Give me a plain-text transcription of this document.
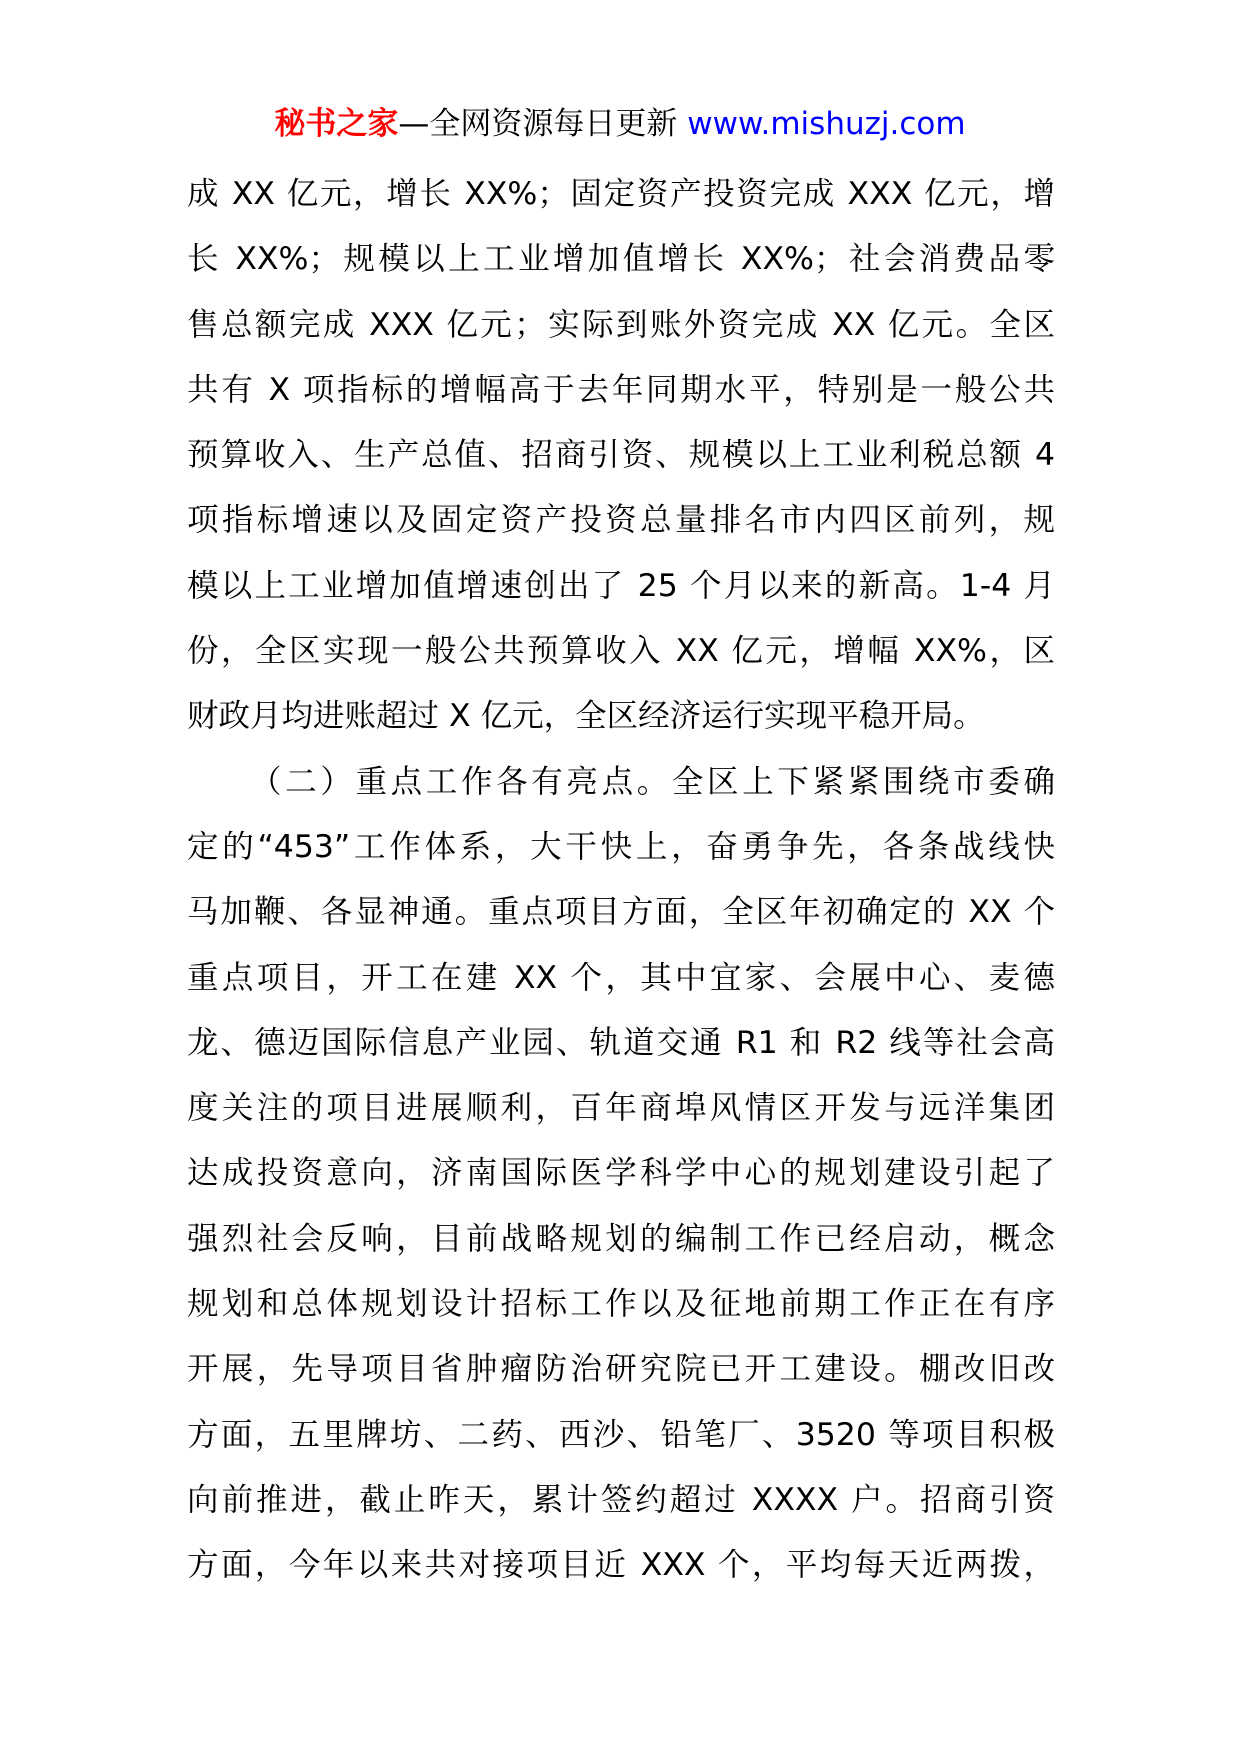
秘书之家—全网资源每日更新 www.mishuzj.com
成 XX 亿元，增长 XX%；固定资产投资完成 XXX 亿元，增
长 XX%；规模以上工业增加值增长 XX%；社会消费品零
售总额完成 XXX 亿元；实际到账外资完成 XX 亿元。全区
共有 X 项指标的增幅高于去年同期水平，特别是一般公共
预算收入、生产总值、招商引资、规模以上工业利税总额 4
项指标增速以及固定资产投资总量排名市内四区前列，规
模以上工业增加值增速创出了 25 个月以来的新高。1-4 月
份，全区实现一般公共预算收入 XX 亿元，增幅 XX%，区
财政月均进账超过 X 亿元，全区经济运行实现平稳开局。
（二）重点工作各有亮点。全区上下紧紧围绕市委确
定的“453”工作体系，大干快上，奋勇争先，各条战线快
马加鞭、各显神通。重点项目方面，全区年初确定的 XX 个
重点项目，开工在建 XX 个，其中宜家、会展中心、麦德
龙、德迈国际信息产业园、轨道交通 R1 和 R2 线等社会高
度关注的项目进展顺利，百年商埠风情区开发与远洋集团
达成投资意向，济南国际医学科学中心的规划建设引起了
强烈社会反响，目前战略规划的编制工作已经启动，概念
规划和总体规划设计招标工作以及征地前期工作正在有序
开展，先导项目省肿瘤防治研究院已开工建设。棚改旧改
方面，五里牌坊、二药、西沙、铅笔厂、3520 等项目积极
向前推进，截止昨天，累计签约超过 XXXX 户。招商引资
方面，今年以来共对接项目近 XXX 个，平均每天近两拨，
